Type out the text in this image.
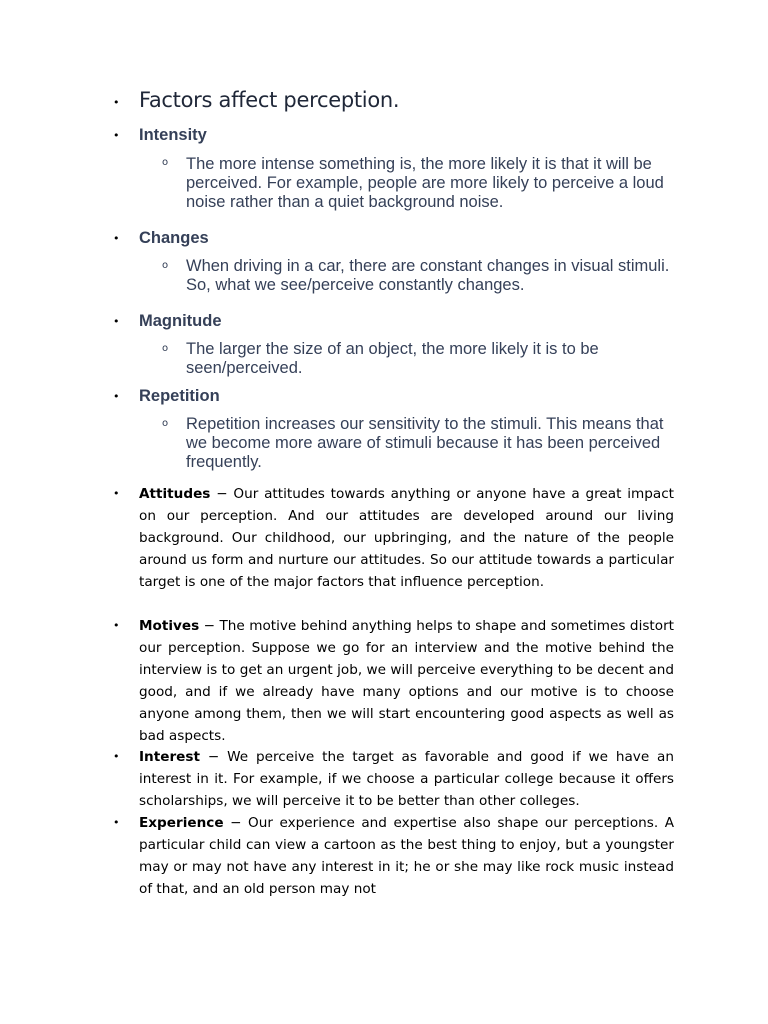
• Factors affect perception.
• Intensity
o The more intense something is, the more likely it is that it will be perceived. For example, people are more likely to perceive a loud noise rather than a quiet background noise.
• Changes
o When driving in a car, there are constant changes in visual stimuli. So, what we see/perceive constantly changes.
• Magnitude
o The larger the size of an object, the more likely it is to be seen/perceived.
• Repetition
o Repetition increases our sensitivity to the stimuli. This means that we become more aware of stimuli because it has been perceived frequently.
• Attitudes − Our attitudes towards anything or anyone have a great impact on our perception. And our attitudes are developed around our living background. Our childhood, our upbringing, and the nature of the people around us form and nurture our attitudes. So our attitude towards a particular target is one of the major factors that influence perception.
• Motives − The motive behind anything helps to shape and sometimes distort our perception. Suppose we go for an interview and the motive behind the interview is to get an urgent job, we will perceive everything to be decent and good, and if we already have many options and our motive is to choose anyone among them, then we will start encountering good aspects as well as bad aspects.
• Interest − We perceive the target as favorable and good if we have an interest in it. For example, if we choose a particular college because it offers scholarships, we will perceive it to be better than other colleges.
• Experience − Our experience and expertise also shape our perceptions. A particular child can view a cartoon as the best thing to enjoy, but a youngster may or may not have any interest in it; he or she may like rock music instead of that, and an old person may not
